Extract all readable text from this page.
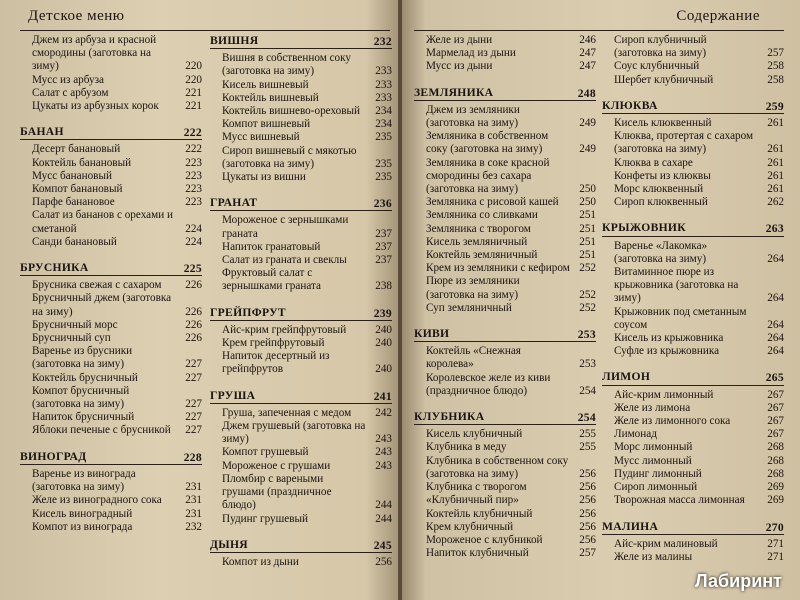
Детское меню
Джем из арбуза и красной смородины (заготовка на зиму)	220
Мусс из арбуза	220
Салат с арбузом	221
Цукаты из арбузных корок 221
БАНАН	222
Десерт банановый	222
Коктейль банановый	223
Мусс банановый	223
Компот банановый	223
Парфе банановое	223
Салат из бананов с орехами и сметаной	224
Санди банановый	224
БРУСНИКА	225
Брусника свежая с сахаром 226
Брусничный джем (заготовка на зиму)	226
Брусничный морс	226
Брусничный суп	226
Варенье из брусники (заготовка на зиму)	227
Коктейль брусничный	227
Компот брусничный (заготовка на зиму)	227
Напиток брусничный	227
Яблоки печеные с брусникой 227
ВИНОГРАД	228
Варенье из винограда (заготовка на зиму)	231
Желе из виноградного сока 231
Кисель виноградный	231
Компот из винограда	232
ВИШНЯ	232
Вишня в собственном соку (заготовка на зиму)	233
Кисель вишневый	233
Коктейль вишневый	233
Коктейль вишнево-ореховый 234
Компот вишневый	234
Мусс вишневый	235
Сироп вишневый с мякотью (заготовка на зиму)	235
Цукаты из вишни	235
ГРАНАТ	236
Мороженое с зернышками граната	237
Напиток гранатовый	237
Салат из граната и свеклы	237
Фруктовый салат с зернышками граната	238
ГРЕЙПФРУТ	239
Айс-крим грейпфрутовый	240
Крем грейпфрутовый	240
Напиток десертный из грейпфрутов	240
ГРУША	241
Груша, запеченная с медом 242
Джем грушевый (заготовка на зиму)	243
Компот грушевый	243
Мороженое с грушами	243
Пломбир с вареными грушами (праздничное блюдо)	244
Пудинг грушевый	244
ДЫНЯ	245
Компот из дыни	256
Содержание
Желе из дыни	246
Мармелад из дыни	247
Мусс из дыни	247
ЗЕМЛЯНИКА	248
Джем из земляники (заготовка на зиму)	249
Земляника в собственном соку (заготовка на зиму)	249
Земляника в соке красной смородины без сахара (заготовка на зиму)	250
Земляника с рисовой кашей 250
Земляника со сливками	251
Земляника с творогом	251
Кисель земляничный	251
Коктейль земляничный	251
Крем из земляники с кефиром 252
Пюре из земляники (заготовка на зиму)	252
Суп земляничный	252
КИВИ	253
Коктейль «Снежная королева»	253
Королевское желе из киви (праздничное блюдо)	254
КЛУБНИКА	254
Кисель клубничный	255
Клубника в меду	255
Клубника в собственном соку (заготовка на зиму)	256
Клубника с творогом	256
«Клубничный пир»	256
Коктейль клубничный	256
Крем клубничный	256
Мороженое с клубникой	256
Напиток клубничный	257
Сироп клубничный (заготовка на зиму)	257
Соус клубничный	258
Шербет клубничный	258
КЛЮКВА	259
Кисель клюквенный	261
Клюква, протертая с сахаром (заготовка на зиму)	261
Клюква в сахаре	261
Конфеты из клюквы	261
Морс клюквенный	261
Сироп клюквенный	262
КРЫЖОВНИК	263
Варенье «Лакомка» (заготовка на зиму)	264
Витаминное пюре из крыжовника (заготовка на зиму)	264
Крыжовник под сметанным соусом	264
Кисель из крыжовника	264
Суфле из крыжовника	264
ЛИМОН	265
Айс-крим лимонный	267
Желе из лимона	267
Желе из лимонного сока	267
Лимонад	267
Морс лимонный	268
Мусс лимонный	268
Пудинг лимонный	268
Сироп лимонный	269
Творожная масса лимонная 269
МАЛИНА	270
Айс-крим малиновый	271
Желе из малины	271
Лабиринт
